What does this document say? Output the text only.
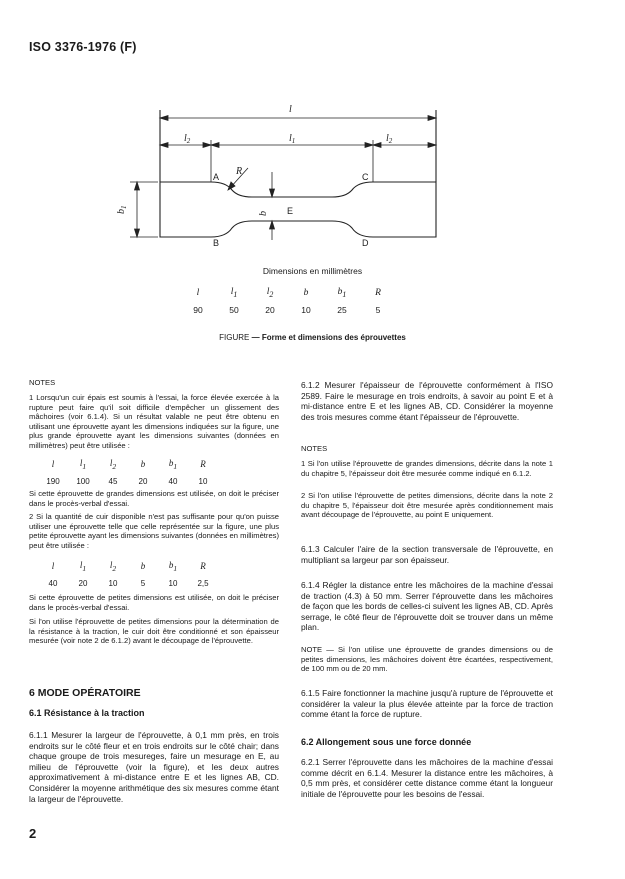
ISO 3376-1976 (F)
l
$l_2$	$l_1$	$l_2$
R
$b_1$
b
A
B
C
D
E
Dimensions en millimètres
l	$l_1$	$l_2$	b	$b_1$	R
90	50	20	10	25	5
FIGURE — Forme et dimensions des éprouvettes
NOTES
1 Lorsqu'un cuir épais est soumis à l'essai, la force élevée exercée à la rupture peut faire qu'il soit difficile d'empêcher un glissement des mâchoires (voir 6.1.4). Si un résultat valable ne peut être obtenu en utilisant une éprouvette ayant les dimensions indiquées sur la figure, une plus grande éprouvette ayant les dimensions suivantes (données en millimètres) peut être utilisée :
l	$l_1$	$l_2$	b	$b_1$	R
190	100	45	20	40	10
Si cette éprouvette de grandes dimensions est utilisée, on doit le préciser dans le procès-verbal d'essai.
2 Si la quantité de cuir disponible n'est pas suffisante pour qu'on puisse utiliser une éprouvette telle que celle représentée sur la figure, une plus petite éprouvette ayant les dimensions suivantes (données en millimètres) peut être utilisée :
l	$l_1$	$l_2$	b	$b_1$	R
40	20	10	5	10	2,5
Si cette éprouvette de petites dimensions est utilisée, on doit le préciser dans le procès-verbal d'essai.
Si l'on utilise l'éprouvette de petites dimensions pour la détermination de la résistance à la traction, le cuir doit être conditionné et son épaisseur mesurée (voir note 2 de 6.1.2) avant le découpage de l'éprouvette.
6 MODE OPÉRATOIRE
6.1 Résistance à la traction
6.1.1 Mesurer la largeur de l'éprouvette, à 0,1 mm près, en trois endroits sur le côté fleur et en trois endroits sur le côté chair; dans chaque groupe de trois mesureges, faire un mesurage en E, au milieu de l'éprouvette (voir la figure), et les deux autres approximativement à mi-distance entre E et les lignes AB, CD. Considérer la moyenne arithmétique des six mesures comme étant la largeur de l'éprouvette.
6.1.2 Mesurer l'épaisseur de l'éprouvette conformément à l'ISO 2589. Faire le mesurage en trois endroits, à savoir au point E et à mi-distance entre E et les lignes AB, CD. Considérer la moyenne des trois mesures comme étant l'épaisseur de l'éprouvette.
NOTES
1 Si l'on utilise l'éprouvette de grandes dimensions, décrite dans la note 1 du chapitre 5, l'épaisseur doit être mesurée comme indiqué en 6.1.2.
2 Si l'on utilise l'éprouvette de petites dimensions, décrite dans la note 2 du chapitre 5, l'épaisseur doit être mesurée après conditionnement mais avant découpage de l'éprouvette, au point E uniquement.
6.1.3 Calculer l'aire de la section transversale de l'éprouvette, en multipliant sa largeur par son épaisseur.
6.1.4 Régler la distance entre les mâchoires de la machine d'essai de traction (4.3) à 50 mm. Serrer l'éprouvette dans les mâchoires de façon que les bords de celles-ci suivent les lignes AB, CD. Après serrage, le côté fleur de l'éprouvette doit se trouver dans un même plan.
NOTE — Si l'on utilise une éprouvette de grandes dimensions ou de petites dimensions, les mâchoires doivent être écartées, respectivement, de 100 mm ou de 20 mm.
6.1.5 Faire fonctionner la machine jusqu'à rupture de l'éprouvette et considérer la valeur la plus élevée atteinte par la force de traction comme étant la force de rupture.
6.2 Allongement sous une force donnée
6.2.1 Serrer l'éprouvette dans les mâchoires de la machine d'essai comme décrit en 6.1.4. Mesurer la distance entre les mâchoires, à 0,5 mm près, et considérer cette distance comme étant la longueur initiale de l'éprouvette pour les besoins de l'essai.
2
